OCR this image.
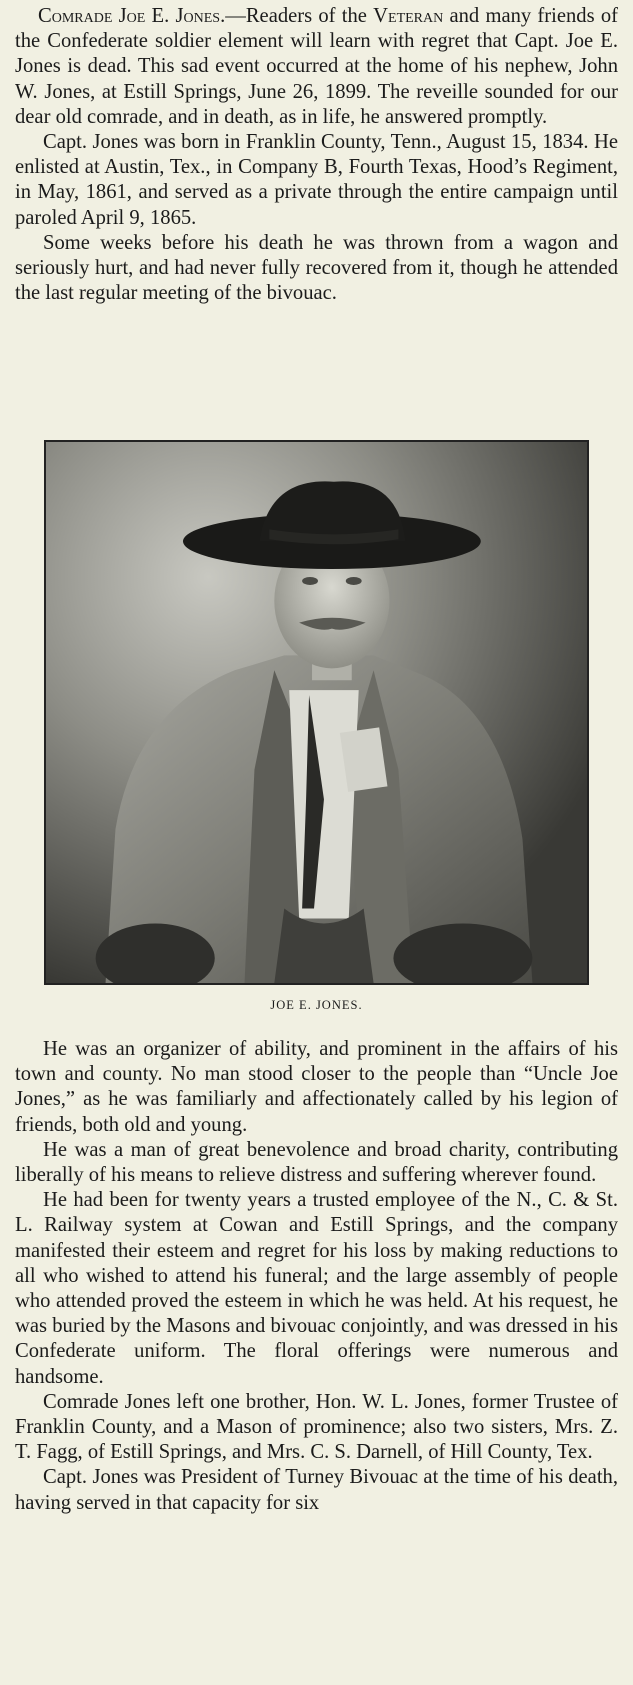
Comrade Joe E. Jones.—Readers of the Veteran and many friends of the Confederate soldier element will learn with regret that Capt. Joe E. Jones is dead. This sad event occurred at the home of his nephew, John W. Jones, at Estill Springs, June 26, 1899. The reveille sounded for our dear old comrade, and in death, as in life, he answered promptly.

Capt. Jones was born in Franklin County, Tenn., August 15, 1834. He enlisted at Austin, Tex., in Company B, Fourth Texas, Hood’s Regiment, in May, 1861, and served as a private through the entire campaign until paroled April 9, 1865.

Some weeks before his death he was thrown from a wagon and seriously hurt, and had never fully recovered from it, though he attended the last regular meeting of the bivouac.

JOE E. JONES.

He was an organizer of ability, and prominent in the affairs of his town and county. No man stood closer to the people than “Uncle Joe Jones,” as he was familiarly and affectionately called by his legion of friends, both old and young.

He was a man of great benevolence and broad charity, contributing liberally of his means to relieve distress and suffering wherever found.

He had been for twenty years a trusted employee of the N., C. & St. L. Railway system at Cowan and Estill Springs, and the company manifested their esteem and regret for his loss by making reductions to all who wished to attend his funeral; and the large assembly of people who attended proved the esteem in which he was held. At his request, he was buried by the Masons and bivouac conjointly, and was dressed in his Confederate uniform. The floral offerings were numerous and handsome.

Comrade Jones left one brother, Hon. W. L. Jones, former Trustee of Franklin County, and a Mason of prominence; also two sisters, Mrs. Z. T. Fagg, of Estill Springs, and Mrs. C. S. Darnell, of Hill County, Tex.

Capt. Jones was President of Turney Bivouac at the time of his death, having served in that capacity for six
